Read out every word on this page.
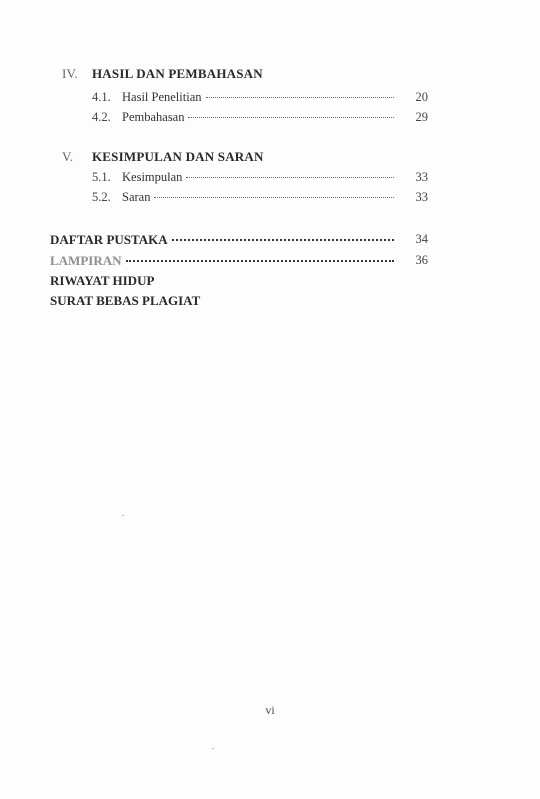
IV. HASIL DAN PEMBAHASAN
4.1. Hasil Penelitian	20
4.2. Pembahasan	29
V. KESIMPULAN DAN SARAN
5.1. Kesimpulan	33
5.2. Saran	33
DAFTAR PUSTAKA	34
LAMPIRAN	36
RIWAYAT HIDUP
SURAT BEBAS PLAGIAT
vi
